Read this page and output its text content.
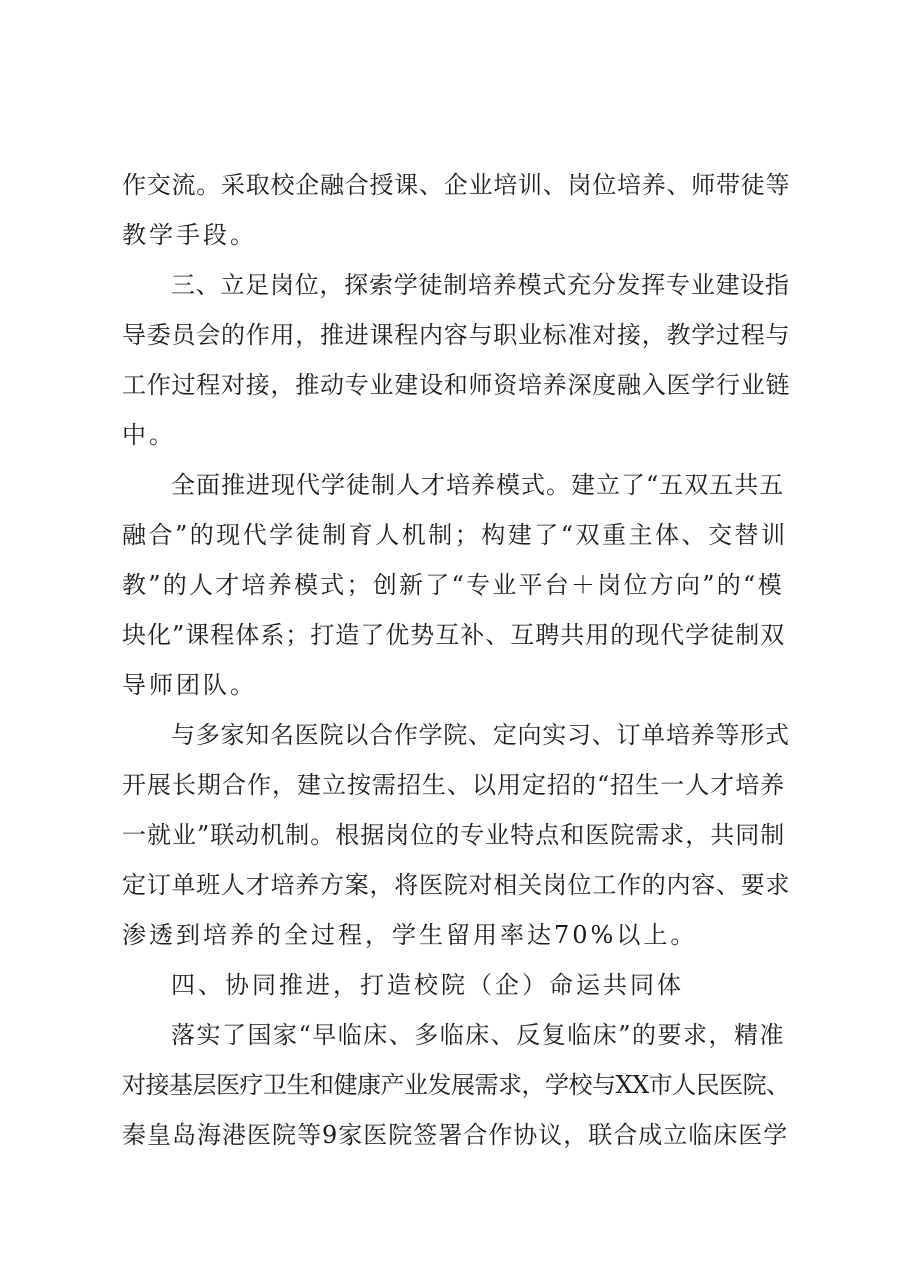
作交流。采取校企融合授课、企业培训、岗位培养、师带徒等
教学手段。
三、立足岗位，探索学徒制培养模式充分发挥专业建设指
导委员会的作用，推进课程内容与职业标准对接，教学过程与
工作过程对接，推动专业建设和师资培养深度融入医学行业链
中。
全面推进现代学徒制人才培养模式。建立了“五双五共五
融合”的现代学徒制育人机制；构建了“双重主体、交替训
教”的人才培养模式；创新了“专业平台＋岗位方向”的“模
块化”课程体系；打造了优势互补、互聘共用的现代学徒制双
导师团队。
与多家知名医院以合作学院、定向实习、订单培养等形式
开展长期合作，建立按需招生、以用定招的“招生一人才培养
一就业”联动机制。根据岗位的专业特点和医院需求，共同制
定订单班人才培养方案，将医院对相关岗位工作的内容、要求
渗透到培养的全过程，学生留用率达70%以上。
四、协同推进，打造校院（企）命运共同体
落实了国家“早临床、多临床、反复临床”的要求，精准
对接基层医疗卫生和健康产业发展需求，学校与XX市人民医院、
秦皇岛海港医院等9家医院签署合作协议，联合成立临床医学
